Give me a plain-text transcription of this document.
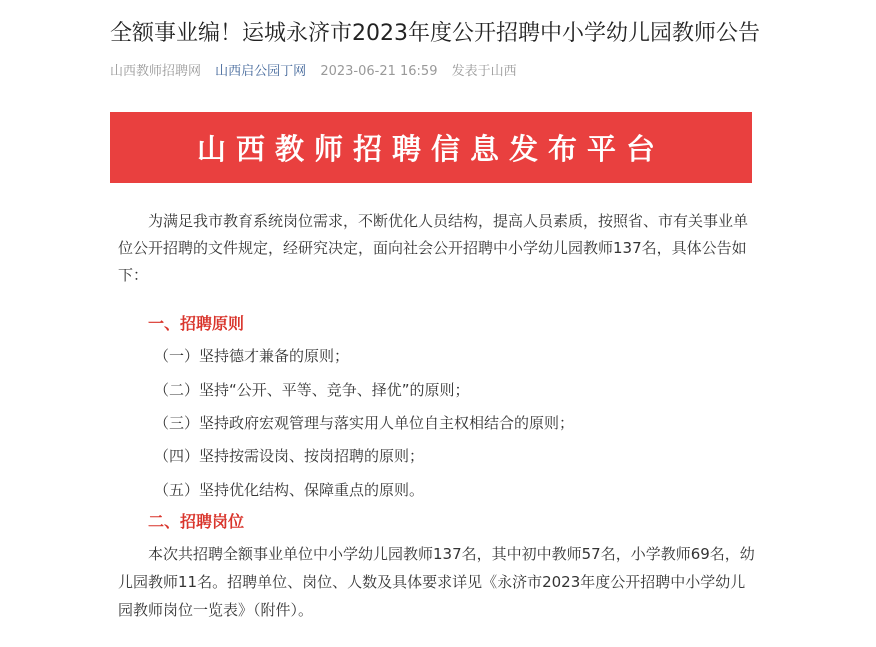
全额事业编！运城永济市2023年度公开招聘中小学幼儿园教师公告
山西教师招聘网 山西启公园丁网 2023-06-21 16:59 发表于山西
山西教师招聘信息发布平台

为满足我市教育系统岗位需求，不断优化人员结构，提高人员素质，按照省、市有关事业单位公开招聘的文件规定，经研究决定，面向社会公开招聘中小学幼儿园教师137名，具体公告如下：

一、招聘原则
（一）坚持德才兼备的原则；
（二）坚持“公开、平等、竞争、择优”的原则；
（三）坚持政府宏观管理与落实用人单位自主权相结合的原则；
（四）坚持按需设岗、按岗招聘的原则；
（五）坚持优化结构、保障重点的原则。
二、招聘岗位

本次共招聘全额事业单位中小学幼儿园教师137名，其中初中教师57名，小学教师69名，幼儿园教师11名。招聘单位、岗位、人数及具体要求详见《永济市2023年度公开招聘中小学幼儿园教师岗位一览表》（附件）。
